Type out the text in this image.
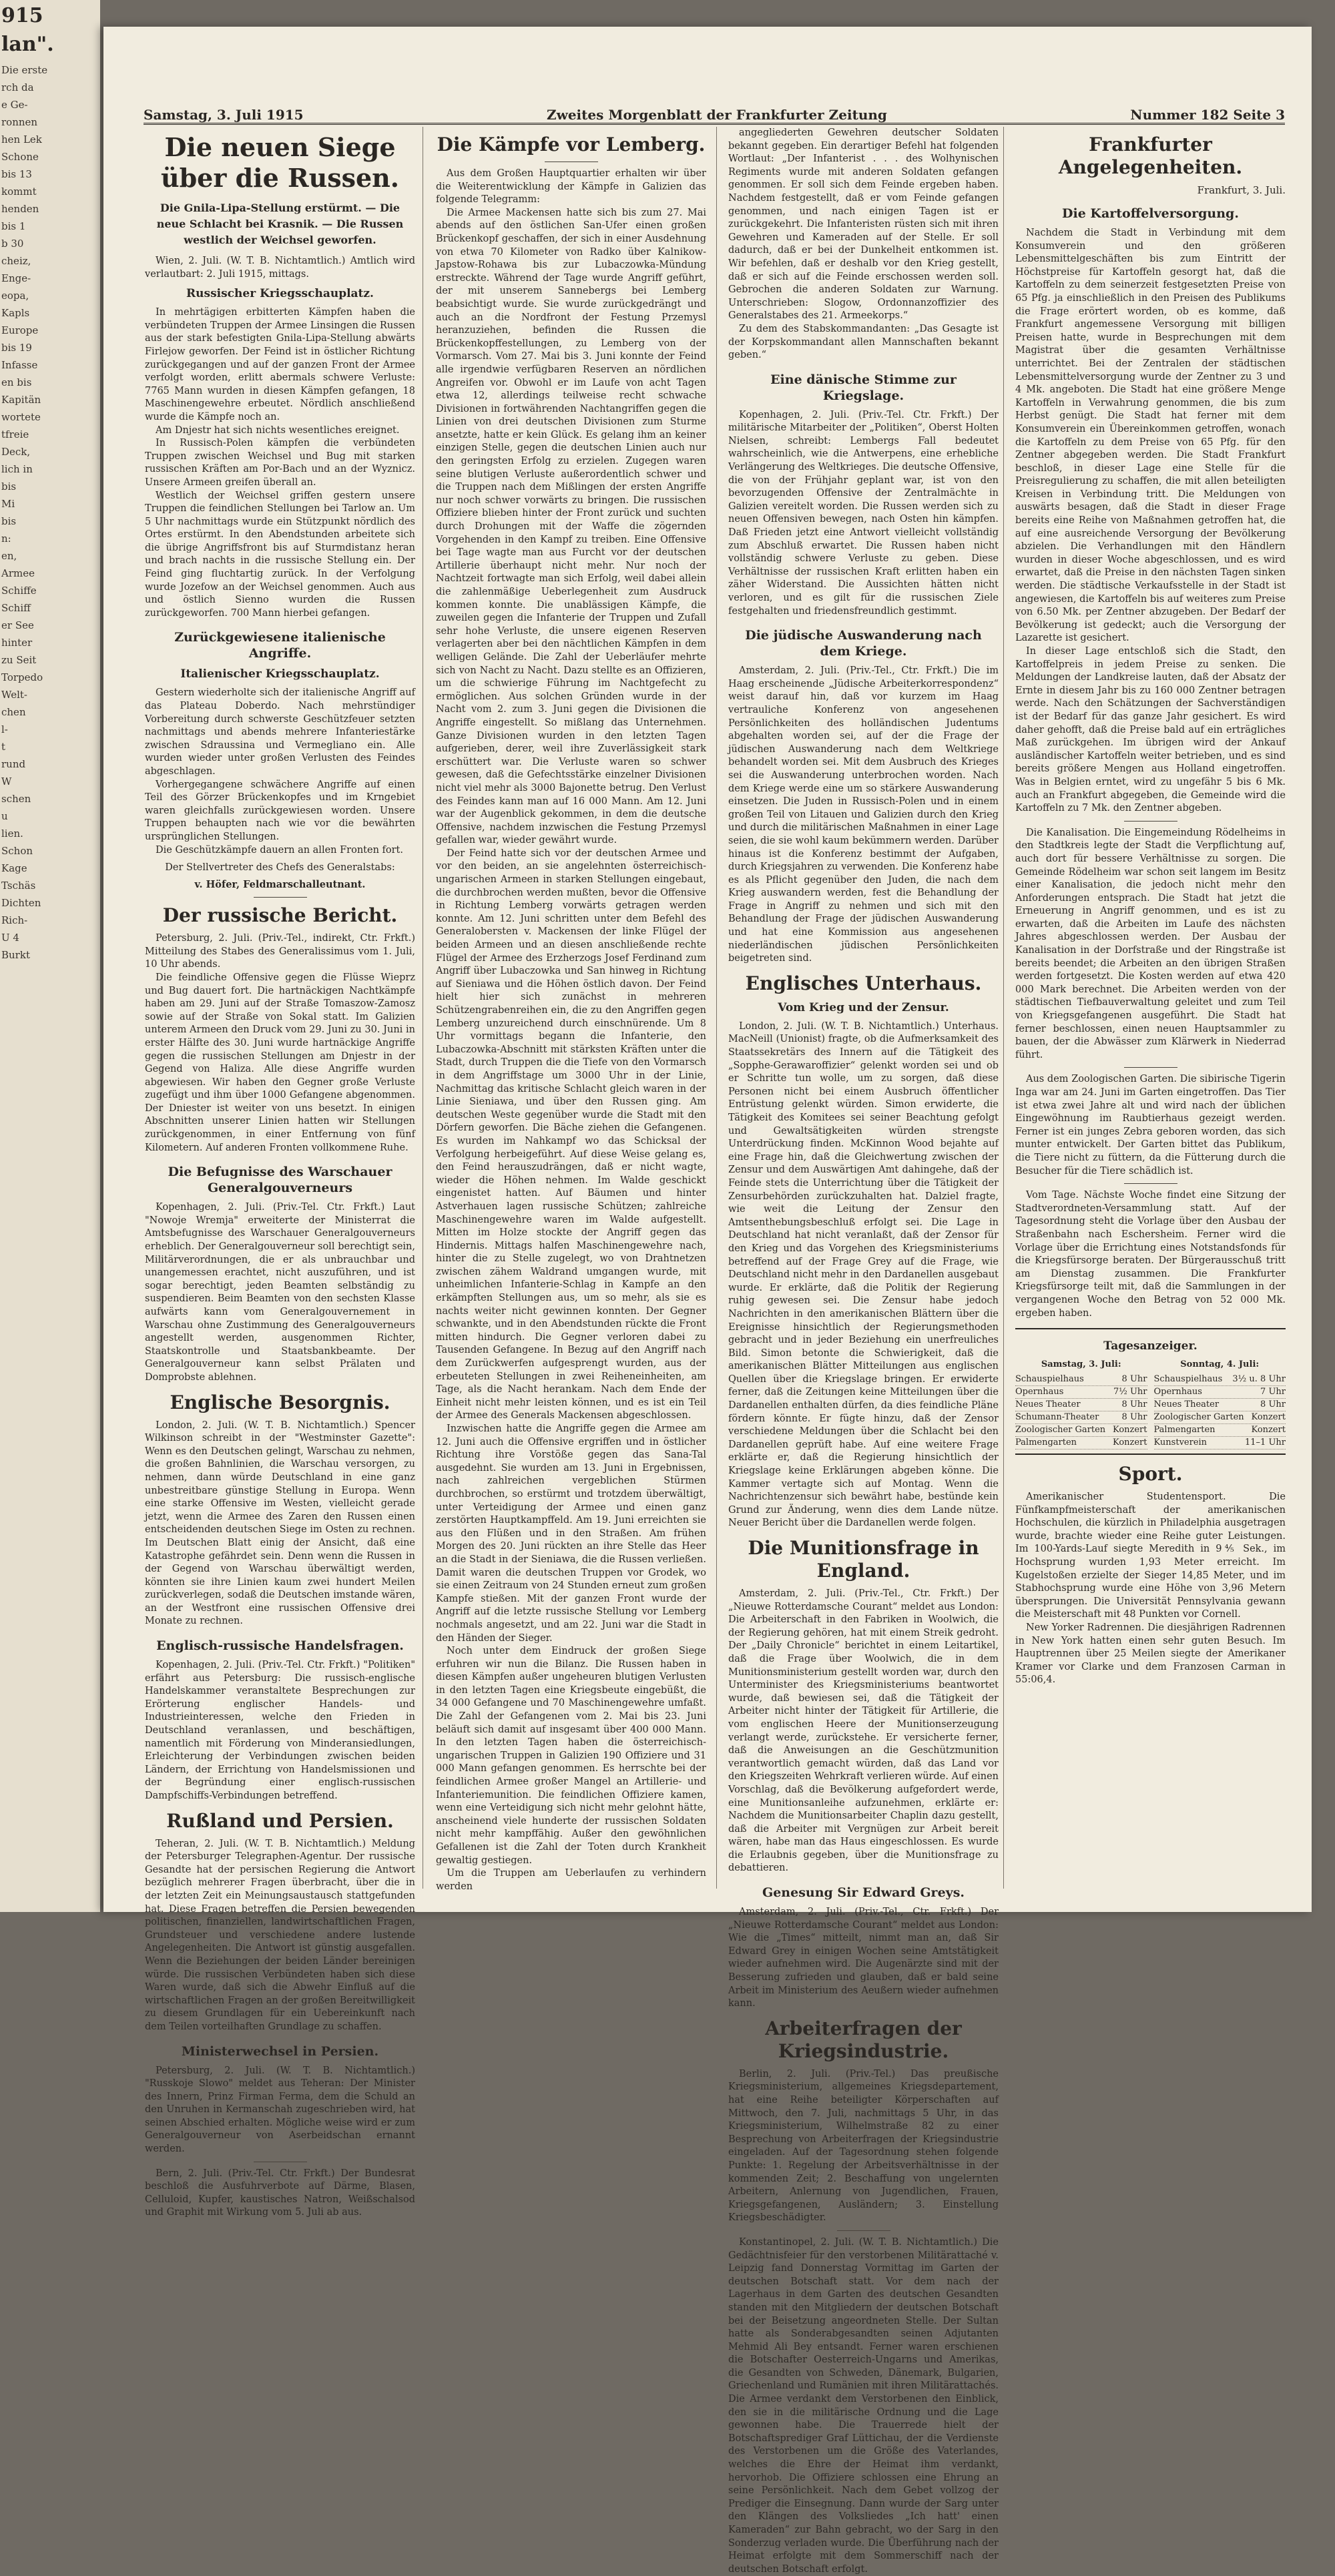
915
lan".
Die erste
rch da
e Ge-
ronnen
hen Lek
Schone
bis 13
kommt
henden
bis 1
b 30
cheiz,
Enge-
eopa,
Kapls
Europe
bis 19
Infasse
en bis
Kapitän
wortete
tfreie
Deck,
lich in
bis
Mi
bis
n:
en,
Armee
Schiffe
Schiff
er See
hinter
zu Seit
Torpedo
Welt-
chen
l-
t
rund
W
schen
u
lien.
Schon
Kage
Tschäs
Dichten
Rich-
U 4
Burkt
Samstag, 3. Juli 1915	Zweites Morgenblatt der Frankfurter Zeitung	Nummer 182 Seite 3
Die neuen Siege über die Russen.
Die Gnila-Lipa-Stellung erstürmt. — Die neue Schlacht bei Krasnik. — Die Russen westlich der Weichsel geworfen.

Wien, 2. Juli. (W. T. B. Nichtamtlich.) Amtlich wird verlautbart: 2. Juli 1915, mittags.

Russischer Kriegsschauplatz.

In mehrtägigen erbitterten Kämpfen haben die verbündeten Truppen der Armee Linsingen die Russen aus der stark befestigten Gnila-Lipa-Stellung abwärts Firlejow geworfen. Der Feind ist in östlicher Richtung zurückgegangen und auf der ganzen Front der Armee verfolgt worden, erlitt abermals schwere Verluste: 7765 Mann wurden in diesen Kämpfen gefangen, 18 Maschinengewehre erbeutet. Nördlich anschließend wurde die Kämpfe noch an.

Am Dnjestr hat sich nichts wesentliches ereignet.

In Russisch-Polen kämpfen die verbündeten Truppen zwischen Weichsel und Bug mit starken russischen Kräften am Por-Bach und an der Wyznicz. Unsere Armeen greifen überall an.

Westlich der Weichsel griffen gestern unsere Truppen die feindlichen Stellungen bei Tarlow an. Um 5 Uhr nachmittags wurde ein Stützpunkt nördlich des Ortes erstürmt. In den Abendstunden arbeitete sich die übrige Angriffsfront bis auf Sturmdistanz heran und brach nachts in die russische Stellung ein. Der Feind ging fluchtartig zurück. In der Verfolgung wurde Jozefow an der Weichsel genommen. Auch aus und östlich Sienno wurden die Russen zurückgeworfen. 700 Mann hierbei gefangen.

Zurückgewiesene italienische Angriffe.
Italienischer Kriegsschauplatz.

Gestern wiederholte sich der italienische Angriff auf das Plateau Doberdo. Nach mehrstündiger Vorbereitung durch schwerste Geschützfeuer setzten nachmittags und abends mehrere Infanteriestärke zwischen Sdraussina und Vermegliano ein. Alle wurden wieder unter großen Verlusten des Feindes abgeschlagen.

Vorhergegangene schwächere Angriffe auf einen Teil des Görzer Brückenkopfes und im Krngebiet waren gleichfalls zurückgewiesen worden. Unsere Truppen behaupten nach wie vor die bewährten ursprünglichen Stellungen.

Die Geschützkämpfe dauern an allen Fronten fort.

Der Stellvertreter des Chefs des Generalstabs:
v. Höfer, Feldmarschalleutnant.
Der russische Bericht.

Petersburg, 2. Juli. (Priv.-Tel., indirekt, Ctr. Frkft.) Mitteilung des Stabes des Generalissimus vom 1. Juli, 10 Uhr abends.

Die feindliche Offensive gegen die Flüsse Wieprz und Bug dauert fort. Die hartnäckigen Nachtkämpfe haben am 29. Juni auf der Straße Tomaszow-Zamosz sowie auf der Straße von Sokal statt. Im Galizien unterem Armeen den Druck vom 29. Juni zu 30. Juni in erster Hälfte des 30. Juni wurde hartnäckige Angriffe gegen die russischen Stellungen am Dnjestr in der Gegend von Haliza. Alle diese Angriffe wurden abgewiesen. Wir haben den Gegner große Verluste zugefügt und ihm über 1000 Gefangene abgenommen. Der Dniester ist weiter von uns besetzt. In einigen Abschnitten unserer Linien hatten wir Stellungen zurückgenommen, in einer Entfernung von fünf Kilometern. Auf anderen Fronten vollkommene Ruhe.

Die Befugnisse des Warschauer Generalgouverneurs

Kopenhagen, 2. Juli. (Priv.-Tel. Ctr. Frkft.) Laut "Nowoje Wremja" erweiterte der Ministerrat die Amtsbefugnisse des Warschauer Generalgouverneurs erheblich. Der Generalgouverneur soll berechtigt sein, Militärverordnungen, die er als unbrauchbar und unangemessen erachtet, nicht auszuführen, und ist sogar berechtigt, jeden Beamten selbständig zu suspendieren. Beim Beamten von den sechsten Klasse aufwärts kann vom Generalgouvernement in Warschau ohne Zustimmung des Generalgouverneurs angestellt werden, ausgenommen Richter, Staatskontrolle und Staatsbankbeamte. Der Generalgouverneur kann selbst Prälaten und Domprobste ablehnen.

Englische Besorgnis.

London, 2. Juli. (W. T. B. Nichtamtlich.) Spencer Wilkinson schreibt in der "Westminster Gazette": Wenn es den Deutschen gelingt, Warschau zu nehmen, die großen Bahnlinien, die Warschau versorgen, zu nehmen, dann würde Deutschland in eine ganz unbestreitbare günstige Stellung in Europa. Wenn eine starke Offensive im Westen, vielleicht gerade jetzt, wenn die Armee des Zaren den Russen einen entscheidenden deutschen Siege im Osten zu rechnen. Im Deutschen Blatt einig der Ansicht, daß eine Katastrophe gefährdet sein. Denn wenn die Russen in der Gegend von Warschau überwältigt werden, könnten sie ihre Linien kaum zwei hundert Meilen zurückverlegen, sodaß die Deutschen imstande wären, an der Westfront eine russischen Offensive drei Monate zu rechnen.

Englisch-russische Handelsfragen.

Kopenhagen, 2. Juli. (Priv.-Tel. Ctr. Frkft.) "Politiken" erfährt aus Petersburg: Die russisch-englische Handelskammer veranstaltete Besprechungen zur Erörterung englischer Handels- und Industrieinteressen, welche den Frieden in Deutschland veranlassen, und beschäftigen, namentlich mit Förderung von Minderansiedlungen, Erleichterung der Verbindungen zwischen beiden Ländern, der Errichtung von Handelsmissionen und der Begründung einer englisch-russischen Dampfschiffs-Verbindungen betreffend.

Rußland und Persien.

Teheran, 2. Juli. (W. T. B. Nichtamtlich.) Meldung der Petersburger Telegraphen-Agentur. Der russische Gesandte hat der persischen Regierung die Antwort bezüglich mehrerer Fragen überbracht, über die in der letzten Zeit ein Meinungsaustausch stattgefunden hat. Diese Fragen betreffen die Persien bewegenden politischen, finanziellen, landwirtschaftlichen Fragen, Grundsteuer und verschiedene andere lustende Angelegenheiten. Die Antwort ist günstig ausgefallen. Wenn die Beziehungen der beiden Länder bereinigen würde. Die russischen Verbündeten haben sich diese Waren wurde, daß sich die Abwehr Einfluß auf die wirtschaftlichen Fragen an der großen Bereitwilligkeit zu diesem Grundlagen für ein Uebereinkunft nach dem Teilen vorteilhaften Grundlage zu schaffen.

Ministerwechsel in Persien.

Petersburg, 2. Juli. (W. T. B. Nichtamtlich.) "Russkoje Slowo" meldet aus Teheran: Der Minister des Innern, Prinz Firman Ferma, dem die Schuld an den Unruhen in Kermanschah zugeschrieben wird, hat seinen Abschied erhalten. Mögliche weise wird er zum Generalgouverneur von Aserbeidschan ernannt werden.

Bern, 2. Juli. (Priv.-Tel. Ctr. Frkft.) Der Bundesrat beschloß die Ausfuhrverbote auf Därme, Blasen, Celluloid, Kupfer, kaustisches Natron, Weißschalsod und Graphit mit Wirkung vom 5. Juli ab aus.

Die Kämpfe vor Lemberg.

Aus dem Großen Hauptquartier erhalten wir über die Weiterentwicklung der Kämpfe in Galizien das folgende Telegramm:

Die Armee Mackensen hatte sich bis zum 27. Mai abends auf den östlichen San-Ufer einen großen Brückenkopf geschaffen, der sich in einer Ausdehnung von etwa 70 Kilometer von Radko über Kalnikow-Japstow-Rohawa bis zur Lubaczowka-Mündung erstreckte. Während der Tage wurde Angriff geführt, der mit unserem Sannebergs bei Lemberg beabsichtigt wurde. Sie wurde zurückgedrängt und auch an die Nordfront der Festung Przemysl heranzuziehen, befinden die Russen die Brückenkopffestellungen, zu Lemberg von der Vormarsch. Vom 27. Mai bis 3. Juni konnte der Feind alle irgendwie verfügbaren Reserven an nördlichen Angreifen vor. Obwohl er im Laufe von acht Tagen etwa 12, allerdings teilweise recht schwache Divisionen in fortwährenden Nachtangriffen gegen die Linien von drei deutschen Divisionen zum Sturme ansetzte, hatte er kein Glück. Es gelang ihm an keiner einzigen Stelle, gegen die deutschen Linien auch nur den geringsten Erfolg zu erzielen. Zugegen waren seine blutigen Verluste außerordentlich schwer und die Truppen nach dem Mißlingen der ersten Angriffe nur noch schwer vorwärts zu bringen. Die russischen Offiziere blieben hinter der Front zurück und suchten durch Drohungen mit der Waffe die zögernden Vorgehenden in den Kampf zu treiben. Eine Offensive bei Tage wagte man aus Furcht vor der deutschen Artillerie überhaupt nicht mehr. Nur noch der Nachtzeit fortwagte man sich Erfolg, weil dabei allein die zahlenmäßige Ueberlegenheit zum Ausdruck kommen konnte. Die unablässigen Kämpfe, die zuweilen gegen die Infanterie der Truppen und Zufall sehr hohe Verluste, die unsere eigenen Reserven verlagerten aber bei den nächtlichen Kämpfen in dem welligen Gelände. Die Zahl der Ueberläufer mehrte sich von Nacht zu Nacht. Dazu stellte es an Offizieren, um die schwierige Führung im Nachtgefecht zu ermöglichen. Aus solchen Gründen wurde in der Nacht vom 2. zum 3. Juni gegen die Divisionen die Angriffe eingestellt. So mißlang das Unternehmen. Ganze Divisionen wurden in den letzten Tagen aufgerieben, derer, weil ihre Zuverlässigkeit stark erschüttert war. Die Verluste waren so schwer gewesen, daß die Gefechtsstärke einzelner Divisionen nicht viel mehr als 3000 Bajonette betrug. Den Verlust des Feindes kann man auf 16 000 Mann. Am 12. Juni war der Augenblick gekommen, in dem die deutsche Offensive, nachdem inzwischen die Festung Przemysl gefallen war, wieder gewährt wurde.

Der Feind hatte sich vor der deutschen Armee und vor den beiden, an sie angelehnten österreichisch-ungarischen Armeen in starken Stellungen eingebaut, die durchbrochen werden mußten, bevor die Offensive in Richtung Lemberg vorwärts getragen werden konnte. Am 12. Juni schritten unter dem Befehl des Generalobersten v. Mackensen der linke Flügel der beiden Armeen und an diesen anschließende rechte Flügel der Armee des Erzherzogs Josef Ferdinand zum Angriff über Lubaczowka und San hinweg in Richtung auf Sieniawa und die Höhen östlich davon. Der Feind hielt hier sich zunächst in mehreren Schützengrabenreihen ein, die zu den Angriffen gegen Lemberg unzureichend durch einschnürende. Um 8 Uhr vormittags begann die Infanterie, den Lubaczowka-Abschnitt mit stärksten Kräften unter die Stadt, durch Truppen die die Tiefe von den Vormarsch in dem Angriffstage um 3000 Uhr in der Linie, Nachmittag das kritische Schlacht gleich waren in der Linie Sieniawa, und über den Russen ging. Am deutschen Weste gegenüber wurde die Stadt mit den Dörfern geworfen. Die Bäche ziehen die Gefangenen. Es wurden im Nahkampf wo das Schicksal der Verfolgung herbeigeführt. Auf diese Weise gelang es, den Feind herauszudrängen, daß er nicht wagte, wieder die Höhen nehmen. Im Walde geschickt eingenistet hatten. Auf Bäumen und hinter Astverhauen lagen russische Schützen; zahlreiche Maschinengewehre waren im Walde aufgestellt. Mitten im Holze stockte der Angriff gegen das Hindernis. Mittags halfen Maschinengewehre nach, hinter die zu Stelle zugelegt, wo von Drahtnetzen zwischen zähem Waldrand umgangen wurde, mit unheimlichen Infanterie-Schlag in Kampfe an den erkämpften Stellungen aus, um so mehr, als sie es nachts weiter nicht gewinnen konnten. Der Gegner schwankte, und in den Abendstunden rückte die Front mitten hindurch. Die Gegner verloren dabei zu Tausenden Gefangene. In Bezug auf den Angriff nach dem Zurückwerfen aufgesprengt wurden, aus der erbeuteten Stellungen in zwei Reiheneinheiten, am Tage, als die Nacht herankam. Nach dem Ende der Einheit nicht mehr leisten können, und es ist ein Teil der Armee des Generals Mackensen abgeschlossen.

Inzwischen hatte die Angriffe gegen die Armee am 12. Juni auch die Offensive ergriffen und in östlicher Richtung ihre Vorstöße gegen das Sana-Tal ausgedehnt. Sie wurden am 13. Juni in Ergebnissen, nach zahlreichen vergeblichen Stürmen durchbrochen, so erstürmt und trotzdem überwältigt, unter Verteidigung der Armee und einen ganz zerstörten Hauptkampffeld. Am 19. Juni erreichten sie aus den Flüßen und in den Straßen. Am frühen Morgen des 20. Juni rückten an ihre Stelle das Heer an die Stadt in der Sieniawa, die die Russen verließen. Damit waren die deutschen Truppen vor Grodek, wo sie einen Zeitraum von 24 Stunden erneut zum großen Kampfe stießen. Mit der ganzen Front wurde der Angriff auf die letzte russische Stellung vor Lemberg nochmals angesetzt, und am 22. Juni war die Stadt in den Händen der Sieger.

Noch unter dem Eindruck der großen Siege erfuhren wir nun die Bilanz. Die Russen haben in diesen Kämpfen außer ungeheuren blutigen Verlusten in den letzten Tagen eine Kriegsbeute eingebüßt, die 34 000 Gefangene und 70 Maschinengewehre umfaßt. Die Zahl der Gefangenen vom 2. Mai bis 23. Juni beläuft sich damit auf insgesamt über 400 000 Mann. In den letzten Tagen haben die österreichisch-ungarischen Truppen in Galizien 190 Offiziere und 31 000 Mann gefangen genommen. Es herrschte bei der feindlichen Armee großer Mangel an Artillerie- und Infanteriemunition. Die feindlichen Offiziere kamen, wenn eine Verteidigung sich nicht mehr gelohnt hätte, anscheinend viele hunderte der russischen Soldaten nicht mehr kampffähig. Außer den gewöhnlichen Gefallenen ist die Zahl der Toten durch Krankheit gewaltig gestiegen.

Um die Truppen am Ueberlaufen zu verhindern werden

angegliederten Gewehren deutscher Soldaten bekannt gegeben. Ein derartiger Befehl hat folgenden Wortlaut: „Der Infanterist . . . des Wolhynischen Regiments wurde mit anderen Soldaten gefangen genommen. Er soll sich dem Feinde ergeben haben. Nachdem festgestellt, daß er vom Feinde gefangen genommen, und nach einigen Tagen ist er zurückgekehrt. Die Infanteristen rüsten sich mit ihren Gewehren und Kameraden auf der Stelle. Er soll dadurch, daß er bei der Dunkelheit entkommen ist. Wir befehlen, daß er deshalb vor den Krieg gestellt, daß er sich auf die Feinde erschossen werden soll. Gebrochen die anderen Soldaten zur Warnung. Unterschrieben: Slogow, Ordonnanzoffizier des Generalstabes des 21. Armeekorps.“

Zu dem des Stabskommandanten: „Das Gesagte ist der Korpskommandant allen Mannschaften bekannt geben.“

Eine dänische Stimme zur Kriegslage.

Kopenhagen, 2. Juli. (Priv.-Tel. Ctr. Frkft.) Der militärische Mitarbeiter der „Politiken“, Oberst Holten Nielsen, schreibt: Lembergs Fall bedeutet wahrscheinlich, wie die Antwerpens, eine erhebliche Verlängerung des Weltkrieges. Die deutsche Offensive, die von der Frühjahr geplant war, ist von den bevorzugenden Offensive der Zentralmächte in Galizien vereitelt worden. Die Russen werden sich zu neuen Offensiven bewegen, nach Osten hin kämpfen. Daß Frieden jetzt eine Antwort vielleicht vollständig zum Abschluß erwartet. Die Russen haben nicht vollständig schwere Verluste zu geben. Diese Verhältnisse der russischen Kraft erlitten haben ein zäher Widerstand. Die Aussichten hätten nicht verloren, und es gilt für die russischen Ziele festgehalten und friedensfreundlich gestimmt.

Die jüdische Auswanderung nach dem Kriege.

Amsterdam, 2. Juli. (Priv.-Tel., Ctr. Frkft.) Die im Haag erscheinende „Jüdische Arbeiterkorrespondenz“ weist darauf hin, daß vor kurzem im Haag vertrauliche Konferenz von angesehenen Persönlichkeiten des holländischen Judentums abgehalten worden sei, auf der die Frage der jüdischen Auswanderung nach dem Weltkriege behandelt worden sei. Mit dem Ausbruch des Krieges sei die Auswanderung unterbrochen worden. Nach dem Kriege werde eine um so stärkere Auswanderung einsetzen. Die Juden in Russisch-Polen und in einem großen Teil von Litauen und Galizien durch den Krieg und durch die militärischen Maßnahmen in einer Lage seien, die sie wohl kaum bekümmern werden. Darüber hinaus ist die Konferenz bestimmt der Aufgaben, durch Kriegsjahren zu verwenden. Die Konferenz habe es als Pflicht gegenüber den Juden, die nach dem Krieg auswandern werden, fest die Behandlung der Frage in Angriff zu nehmen und sich mit den Behandlung der Frage der jüdischen Auswanderung und hat eine Kommission aus angesehenen niederländischen jüdischen Persönlichkeiten beigetreten sind.

Englisches Unterhaus.
Vom Krieg und der Zensur.

London, 2. Juli. (W. T. B. Nichtamtlich.) Unterhaus. MacNeill (Unionist) fragte, ob die Aufmerksamkeit des Staatssekretärs des Innern auf die Tätigkeit des „Sopphe-Gerawaroffizier“ gelenkt worden sei und ob er Schritte tun wolle, um zu sorgen, daß diese Personen nicht bei einem Ausbruch öffentlicher Entrüstung gelenkt würden. Simon erwiderte, die Tätigkeit des Komitees sei seiner Beachtung gefolgt und Gewaltsätigkeiten würden strengste Unterdrückung finden. McKinnon Wood bejahte auf eine Frage hin, daß die Gleichwertung zwischen der Zensur und dem Auswärtigen Amt dahingehe, daß der Feinde stets die Unterrichtung über die Tätigkeit der Zensurbehörden zurückzuhalten hat. Dalziel fragte, wie weit die Leitung der Zensur den Amtsenthebungsbeschluß erfolgt sei. Die Lage in Deutschland hat nicht veranlaßt, daß der Zensor für den Krieg und das Vorgehen des Kriegsministeriums betreffend auf der Frage Grey auf die Frage, wie Deutschland nicht mehr in den Dardanellen ausgebaut wurde. Er erklärte, daß die Politik der Regierung ruhig gewesen sei. Die Zensur habe jedoch Nachrichten in den amerikanischen Blättern über die Ereignisse hinsichtlich der Regierungsmethoden gebracht und in jeder Beziehung ein unerfreuliches Bild. Simon betonte die Schwierigkeit, daß die amerikanischen Blätter Mitteilungen aus englischen Quellen über die Kriegslage bringen. Er erwiderte ferner, daß die Zeitungen keine Mitteilungen über die Dardanellen enthalten dürfen, da dies feindliche Pläne fördern könnte. Er fügte hinzu, daß der Zensor verschiedene Meldungen über die Schlacht bei den Dardanellen geprüft habe. Auf eine weitere Frage erklärte er, daß die Regierung hinsichtlich der Kriegslage keine Erklärungen abgeben könne. Die Kammer vertagte sich auf Montag. Wenn die Nachrichtenzensur sich bewährt habe, bestünde kein Grund zur Änderung, wenn dies dem Lande nütze. Neuer Bericht über die Dardanellen werde folgen.

Die Munitionsfrage in England.

Amsterdam, 2. Juli. (Priv.-Tel., Ctr. Frkft.) Der „Nieuwe Rotterdamsche Courant“ meldet aus London: Die Arbeiterschaft in den Fabriken in Woolwich, die der Regierung gehören, hat mit einem Streik gedroht. Der „Daily Chronicle“ berichtet in einem Leitartikel, daß die Frage über Woolwich, die in dem Munitionsministerium gestellt worden war, durch den Unterminister des Kriegsministeriums beantwortet wurde, daß bewiesen sei, daß die Tätigkeit der Arbeiter nicht hinter der Tätigkeit für Artillerie, die vom englischen Heere der Munitionserzeugung verlangt werde, zurückstehe. Er versicherte ferner, daß die Anweisungen an die Geschützmunition verantwortlich gemacht würden, daß das Land vor den Kriegszeiten Wehrkraft verlieren würde. Auf einen Vorschlag, daß die Bevölkerung aufgefordert werde, eine Munitionsanleihe aufzunehmen, erklärte er: Nachdem die Munitionsarbeiter Chaplin dazu gestellt, daß die Arbeiter mit Vergnügen zur Arbeit bereit wären, habe man das Haus eingeschlossen. Es wurde die Erlaubnis gegeben, über die Munitionsfrage zu debattieren.

Genesung Sir Edward Greys.

Amsterdam, 2. Juli. (Priv.-Tel., Ctr. Frkft.) Der „Nieuwe Rotterdamsche Courant“ meldet aus London: Wie die „Times“ mitteilt, nimmt man an, daß Sir Edward Grey in einigen Wochen seine Amtstätigkeit wieder aufnehmen wird. Die Augenärzte sind mit der Besserung zufrieden und glauben, daß er bald seine Arbeit im Ministerium des Aeußern wieder aufnehmen kann.

Arbeiterfragen der Kriegsindustrie.

Berlin, 2. Juli. (Priv.-Tel.) Das preußische Kriegsministerium, allgemeines Kriegsdepartement, hat eine Reihe beteiligter Körperschaften auf Mittwoch, den 7. Juli, nachmittags 5 Uhr, in das Kriegsministerium, Wilhelmstraße 82 zu einer Besprechung von Arbeiterfragen der Kriegsindustrie eingeladen. Auf der Tagesordnung stehen folgende Punkte: 1. Regelung der Arbeitsverhältnisse in der kommenden Zeit; 2. Beschaffung von ungelernten Arbeitern, Anlernung von Jugendlichen, Frauen, Kriegsgefangenen, Ausländern; 3. Einstellung Kriegsbeschädigter.

Konstantinopel, 2. Juli. (W. T. B. Nichtamtlich.) Die Gedächtnisfeier für den verstorbenen Militärattaché v. Leipzig fand Donnerstag Vormittag im Garten der deutschen Botschaft statt. Vor dem nach der Lagerhaus in dem Garten des deutschen Gesandten standen mit den Mitgliedern der deutschen Botschaft bei der Beisetzung angeordneten Stelle. Der Sultan hatte als Sonderabgesandten seinen Adjutanten Mehmid Ali Bey entsandt. Ferner waren erschienen die Botschafter Oesterreich-Ungarns und Amerikas, die Gesandten von Schweden, Dänemark, Bulgarien, Griechenland und Rumänien mit ihren Militärattachés. Die Armee verdankt dem Verstorbenen den Einblick, den sie in die militärische Ordnung und die Lage gewonnen habe. Die Trauerrede hielt der Botschaftsprediger Graf Lüttichau, der die Verdienste des Verstorbenen um die Größe des Vaterlandes, welches die Ehre der Heimat ihm verdankt, hervorhob. Die Offiziere schlossen eine Ehrung an seine Persönlichkeit. Nach dem Gebet vollzog der Prediger die Einsegnung. Dann wurde der Sarg unter den Klängen des Volksliedes „Ich hatt' einen Kameraden“ zur Bahn gebracht, wo der Sarg in den Sonderzug verladen wurde. Die Überführung nach der Heimat erfolgte mit dem Sommerschiff nach der deutschen Botschaft erfolgt.

Frankfurter Angelegenheiten.
Frankfurt, 3. Juli.
Die Kartoffelversorgung.

Nachdem die Stadt in Verbindung mit dem Konsumverein und den größeren Lebensmittelgeschäften bis zum Eintritt der Höchstpreise für Kartoffeln gesorgt hat, daß die Kartoffeln zu dem seinerzeit festgesetzten Preise von 65 Pfg. ja einschließlich in den Preisen des Publikums die Frage erörtert worden, ob es komme, daß Frankfurt angemessene Versorgung mit billigen Preisen hatte, wurde in Besprechungen mit dem Magistrat über die gesamten Verhältnisse unterrichtet. Bei der Zentralen der städtischen Lebensmittelversorgung wurde der Zentner zu 3 und 4 Mk. angeboten. Die Stadt hat eine größere Menge Kartoffeln in Verwahrung genommen, die bis zum Herbst genügt. Die Stadt hat ferner mit dem Konsumverein ein Übereinkommen getroffen, wonach die Kartoffeln zu dem Preise von 65 Pfg. für den Zentner abgegeben werden. Die Stadt Frankfurt beschloß, in dieser Lage eine Stelle für die Preisregulierung zu schaffen, die mit allen beteiligten Kreisen in Verbindung tritt. Die Meldungen von auswärts besagen, daß die Stadt in dieser Frage bereits eine Reihe von Maßnahmen getroffen hat, die auf eine ausreichende Versorgung der Bevölkerung abzielen. Die Verhandlungen mit den Händlern wurden in dieser Woche abgeschlossen, und es wird erwartet, daß die Preise in den nächsten Tagen sinken werden. Die städtische Verkaufsstelle in der Stadt ist angewiesen, die Kartoffeln bis auf weiteres zum Preise von 6.50 Mk. per Zentner abzugeben. Der Bedarf der Bevölkerung ist gedeckt; auch die Versorgung der Lazarette ist gesichert.

In dieser Lage entschloß sich die Stadt, den Kartoffelpreis in jedem Preise zu senken. Die Meldungen der Landkreise lauten, daß der Absatz der Ernte in diesem Jahr bis zu 160 000 Zentner betragen werde. Nach den Schätzungen der Sachverständigen ist der Bedarf für das ganze Jahr gesichert. Es wird daher gehofft, daß die Preise bald auf ein erträgliches Maß zurückgehen. Im übrigen wird der Ankauf ausländischer Kartoffeln weiter betrieben, und es sind bereits größere Mengen aus Holland eingetroffen. Was in Belgien erntet, wird zu ungefähr 5 bis 6 Mk. auch an Frankfurt abgegeben, die Gemeinde wird die Kartoffeln zu 7 Mk. den Zentner abgeben.

Die Kanalisation. Die Eingemeindung Rödelheims in den Stadtkreis legte der Stadt die Verpflichtung auf, auch dort für bessere Verhältnisse zu sorgen. Die Gemeinde Rödelheim war schon seit langem im Besitz einer Kanalisation, die jedoch nicht mehr den Anforderungen entsprach. Die Stadt hat jetzt die Erneuerung in Angriff genommen, und es ist zu erwarten, daß die Arbeiten im Laufe des nächsten Jahres abgeschlossen werden. Der Ausbau der Kanalisation in der Dorfstraße und der Ringstraße ist bereits beendet; die Arbeiten an den übrigen Straßen werden fortgesetzt. Die Kosten werden auf etwa 420 000 Mark berechnet. Die Arbeiten werden von der städtischen Tiefbauverwaltung geleitet und zum Teil von Kriegsgefangenen ausgeführt. Die Stadt hat ferner beschlossen, einen neuen Hauptsammler zu bauen, der die Abwässer zum Klärwerk in Niederrad führt.

Aus dem Zoologischen Garten. Die sibirische Tigerin Inga war am 24. Juni im Garten eingetroffen. Das Tier ist etwa zwei Jahre alt und wird nach der üblichen Eingewöhnung im Raubtierhaus gezeigt werden. Ferner ist ein junges Zebra geboren worden, das sich munter entwickelt. Der Garten bittet das Publikum, die Tiere nicht zu füttern, da die Fütterung durch die Besucher für die Tiere schädlich ist.

Vom Tage. Nächste Woche findet eine Sitzung der Stadtverordneten-Versammlung statt. Auf der Tagesordnung steht die Vorlage über den Ausbau der Straßenbahn nach Eschersheim. Ferner wird die Vorlage über die Errichtung eines Notstandsfonds für die Kriegsfürsorge beraten. Der Bürgerausschuß tritt am Dienstag zusammen. Die Frankfurter Kriegsfürsorge teilt mit, daß die Sammlungen in der vergangenen Woche den Betrag von 52 000 Mk. ergeben haben.

Tagesanzeiger.
Samstag, 3. Juli:
Schauspielhaus	8 Uhr
Opernhaus	7½ Uhr
Neues Theater	8 Uhr
Schumann-Theater	8 Uhr
Zoologischer Garten Konzert
Palmengarten	Konzert
Sonntag, 4. Juli:
Schauspielhaus 3½ u. 8 Uhr
Opernhaus	7 Uhr
Neues Theater	8 Uhr
Zoologischer Garten Konzert
Palmengarten	Konzert
Kunstverein	11–1 Uhr
Sport.

Amerikanischer Studentensport. Die Fünfkampfmeisterschaft der amerikanischen Hochschulen, die kürzlich in Philadelphia ausgetragen wurde, brachte wieder eine Reihe guter Leistungen. Im 100-Yards-Lauf siegte Meredith in 9⅘ Sek., im Hochsprung wurden 1,93 Meter erreicht. Im Kugelstoßen erzielte der Sieger 14,85 Meter, und im Stabhochsprung wurde eine Höhe von 3,96 Metern übersprungen. Die Universität Pennsylvania gewann die Meisterschaft mit 48 Punkten vor Cornell.

New Yorker Radrennen. Die diesjährigen Radrennen in New York hatten einen sehr guten Besuch. Im Hauptrennen über 25 Meilen siegte der Amerikaner Kramer vor Clarke und dem Franzosen Carman in 55:06,4.
